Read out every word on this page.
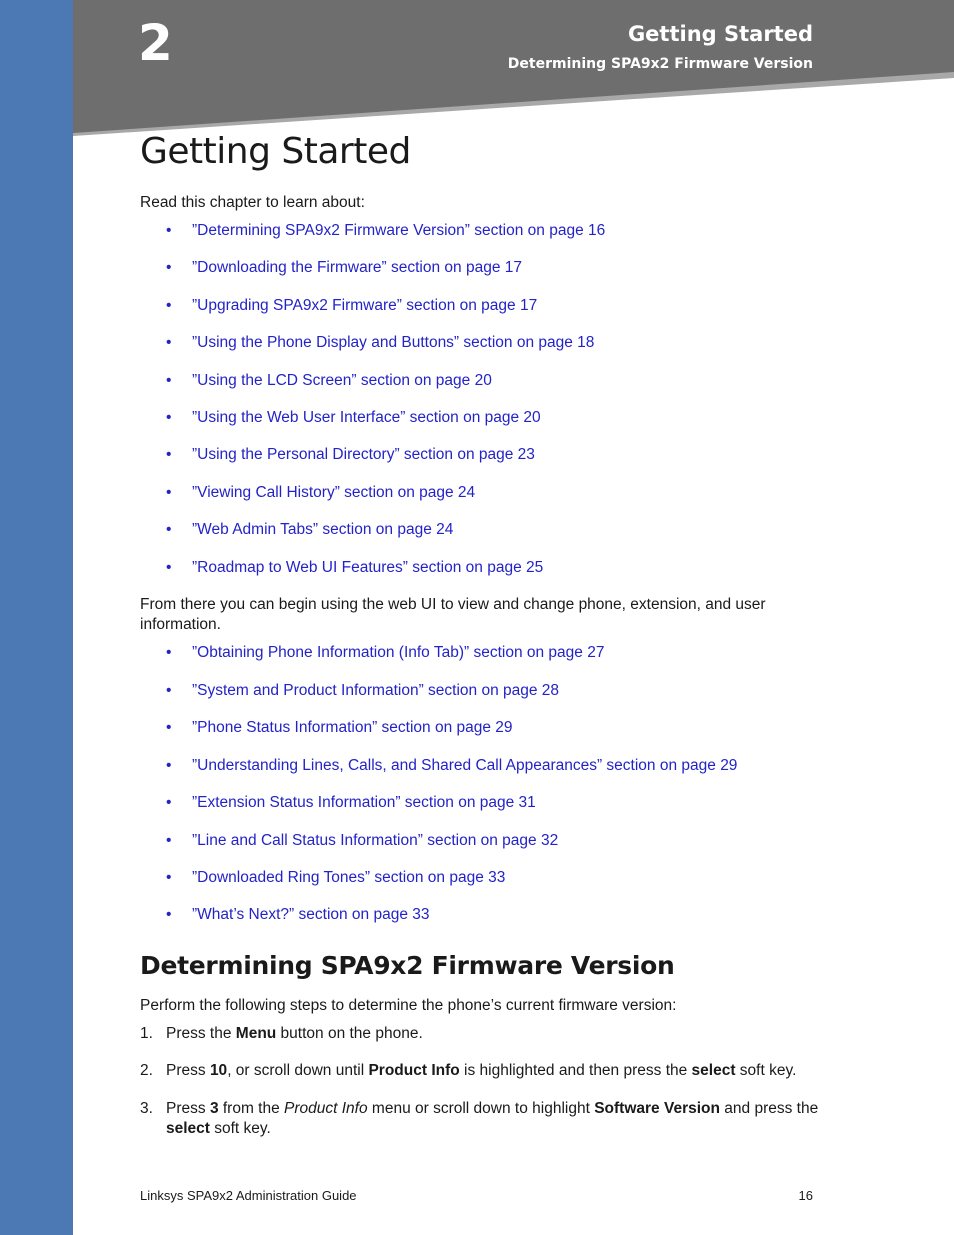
2	Getting Started
Determining SPA9x2 Firmware Version
Getting Started

Read this chapter to learn about:

• ”Determining SPA9x2 Firmware Version” section on page 16
• ”Downloading the Firmware” section on page 17
• ”Upgrading SPA9x2 Firmware” section on page 17
• ”Using the Phone Display and Buttons” section on page 18
• ”Using the LCD Screen” section on page 20
• ”Using the Web User Interface” section on page 20
• ”Using the Personal Directory” section on page 23
• ”Viewing Call History” section on page 24
• ”Web Admin Tabs” section on page 24
• ”Roadmap to Web UI Features” section on page 25

From there you can begin using the web UI to view and change phone, extension, and user information.

• ”Obtaining Phone Information (Info Tab)” section on page 27
• ”System and Product Information” section on page 28
• ”Phone Status Information” section on page 29
• ”Understanding Lines, Calls, and Shared Call Appearances” section on page 29
• ”Extension Status Information” section on page 31
• ”Line and Call Status Information” section on page 32
• ”Downloaded Ring Tones” section on page 33
• ”What’s Next?” section on page 33
Determining SPA9x2 Firmware Version

Perform the following steps to determine the phone’s current firmware version:

1. Press the Menu button on the phone.
2. Press 10, or scroll down until Product Info is highlighted and then press the select soft key.
3. Press 3 from the Product Info menu or scroll down to highlight Software Version and press the select soft key.
Linksys SPA9x2 Administration Guide	16
